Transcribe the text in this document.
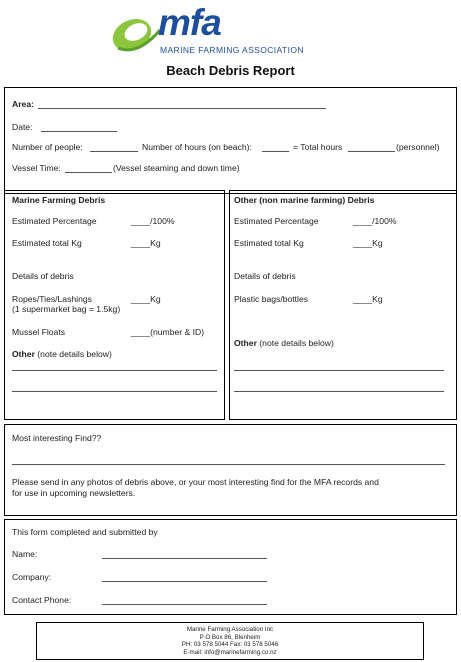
mfa
MARINE FARMING ASSOCIATION
Beach Debris Report
Area:
Date:
Number of people:	Number of hours (on beach):	= Total hours	(personnel)
Vessel Time:	(Vessel steaming and down time)
Marine Farming Debris
Estimated Percentage	____/100%
Estimated total Kg	____Kg
Details of debris
Ropes/Ties/Lashings	____Kg
(1 supermarket bag = 1.5kg)
Mussel Floats	____(number & ID)
Other (note details below)
Other (non marine farming) Debris
Estimated Percentage	____/100%
Estimated total Kg	____Kg
Details of debris
Plastic bags/bottles	____Kg
Other (note details below)
Most interesting Find??
Please send in any photos of debris above, or your most interesting find for the MFA records and
for use in upcoming newsletters.
This form completed and submitted by
Name:
Company:
Contact Phone:
Marine Farming Association Inc
P O Box 86, Blenheim
PH: 03 578 5044 Fax: 03 578 5046
E-mail: info@marinefarming.co.nz
